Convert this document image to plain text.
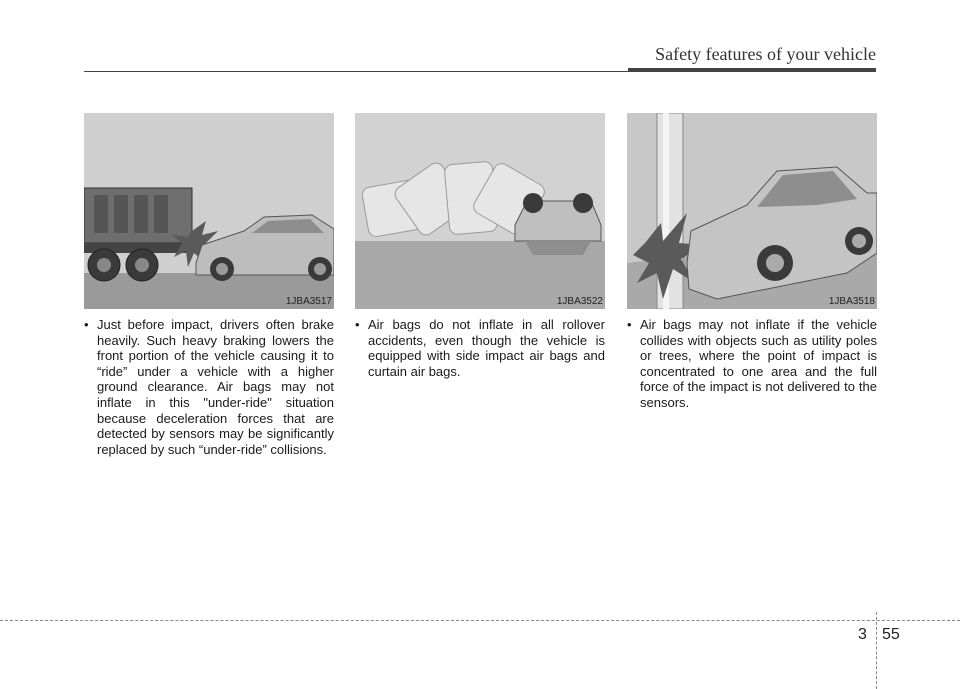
Safety features of your vehicle
1JBA3517	1JBA3522	1JBA3518
• Just before impact, drivers often brake heavily. Such heavy braking lowers the front portion of the vehicle causing it to “ride” under a vehicle with a higher ground clearance. Air bags may not inflate in this "under-ride" situation because deceleration forces that are detected by sensors may be significantly replaced by such “under-ride” collisions.
• Air bags do not inflate in all rollover accidents, even though the vehicle is equipped with side impact air bags and curtain air bags.
• Air bags may not inflate if the vehicle collides with objects such as utility poles or trees, where the point of impact is concentrated to one area and the full force of the impact is not delivered to the sensors.
3 55
